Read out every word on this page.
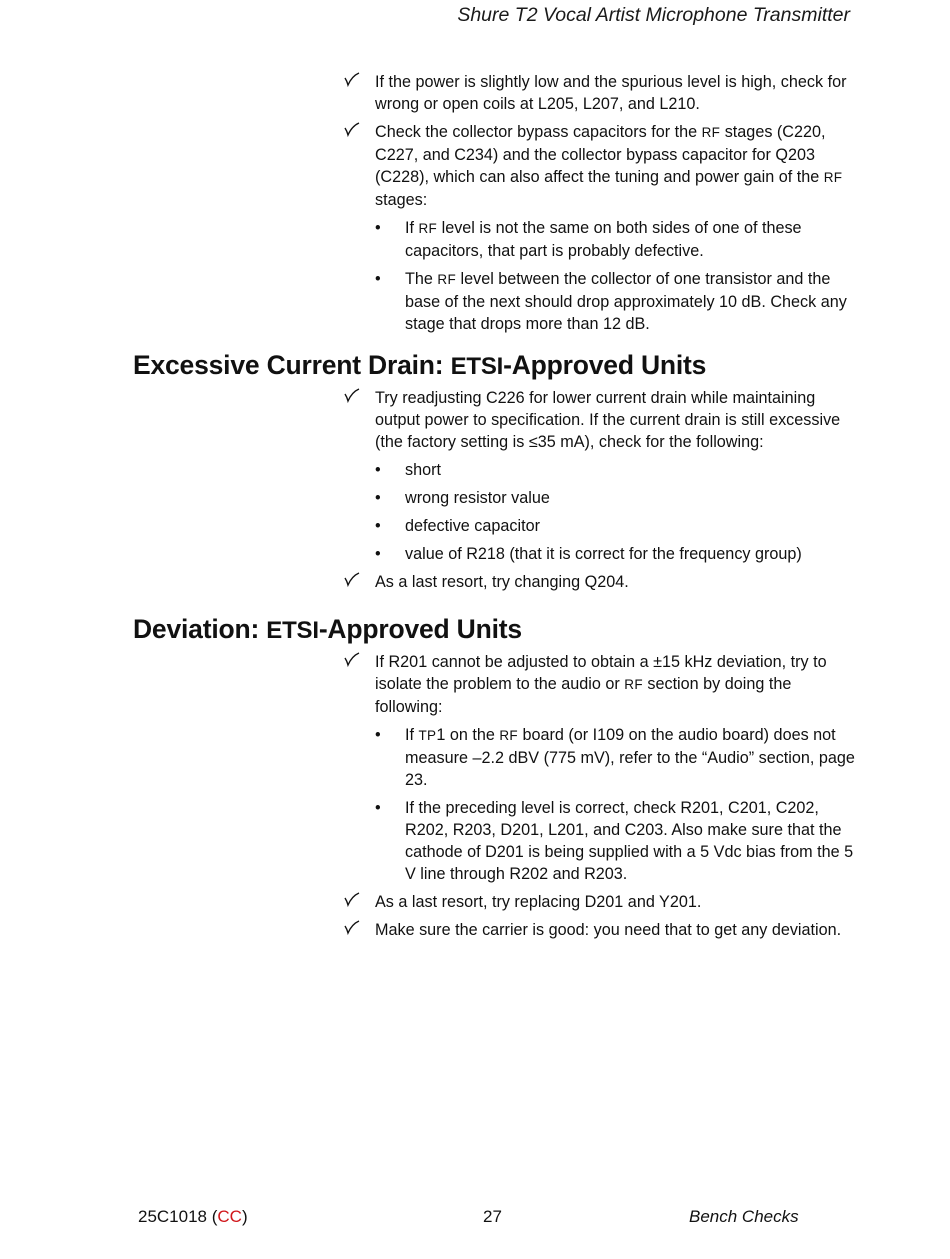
Shure T2 Vocal Artist Microphone Transmitter

If the power is slightly low and the spurious level is high, check for wrong or open coils at L205, L207, and L210.

Check the collector bypass capacitors for the RF stages (C220, C227, and C234) and the collector bypass capacitor for Q203 (C228), which can also affect the tuning and power gain of the RF stages:

• If RF level is not the same on both sides of one of these capacitors, that part is probably defective.

• The RF level between the collector of one transistor and the base of the next should drop approximately 10 dB. Check any stage that drops more than 12 dB.

Excessive Current Drain: ETSI-Approved Units

Try readjusting C226 for lower current drain while maintaining output power to specification. If the current drain is still excessive (the factory setting is ≤35 mA), check for the following:

• short

• wrong resistor value

• defective capacitor

• value of R218 (that it is correct for the frequency group)

As a last resort, try changing Q204.

Deviation: ETSI-Approved Units

If R201 cannot be adjusted to obtain a ±15 kHz deviation, try to isolate the problem to the audio or RF section by doing the following:

• If TP1 on the RF board (or I109 on the audio board) does not measure –2.2 dBV (775 mV), refer to the “Audio” section, page 23.

• If the preceding level is correct, check R201, C201, C202, R202, R203, D201, L201, and C203. Also make sure that the cathode of D201 is being supplied with a 5 Vdc bias from the 5 V line through R202 and R203.

As a last resort, try replacing D201 and Y201.

Make sure the carrier is good: you need that to get any deviation.

25C1018 (CC)	27	Bench Checks
